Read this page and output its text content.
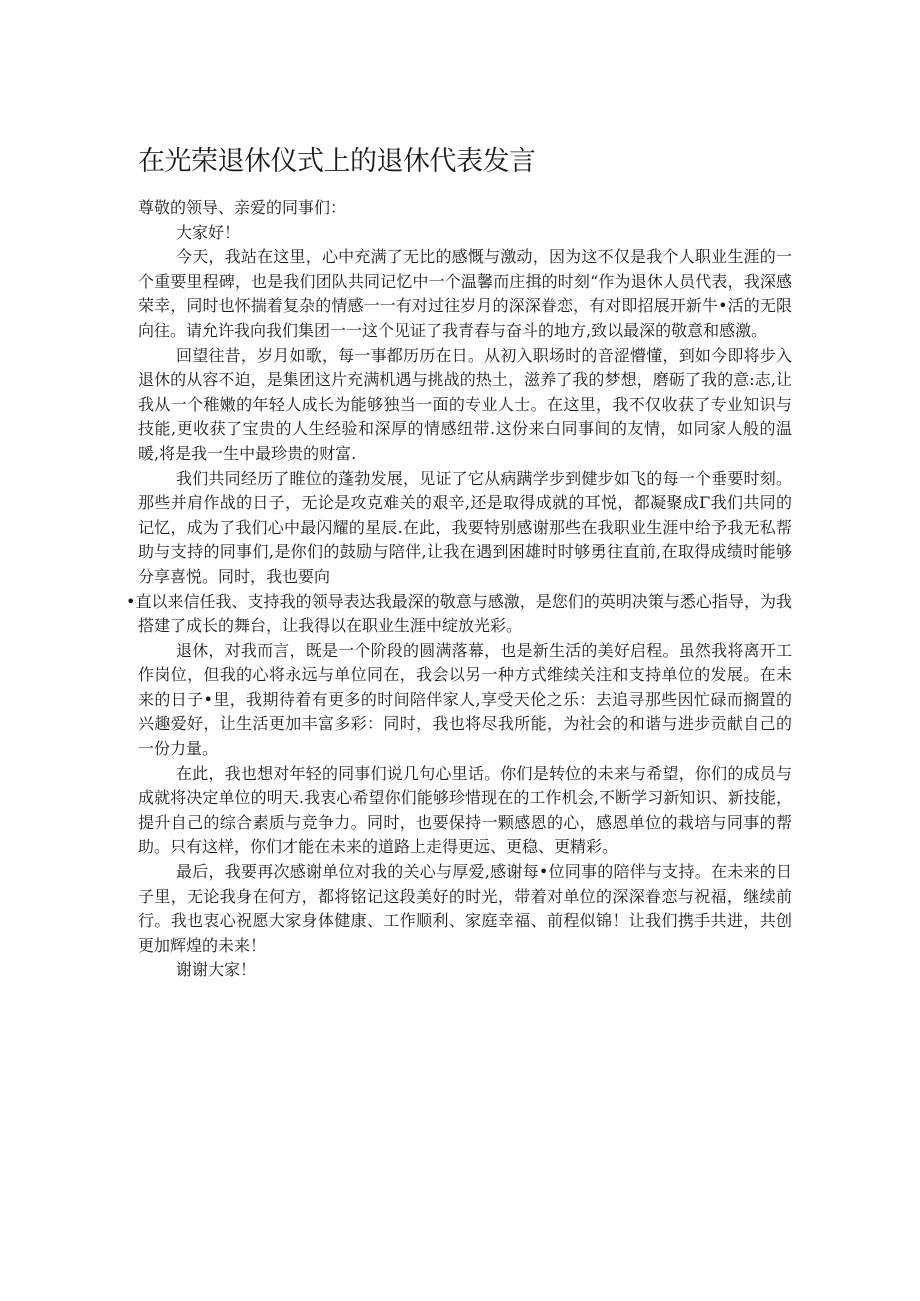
在光荣退休仪式上的退休代表发言

尊敬的领导、亲爱的同事们：

大家好！

今天，我站在这里，心中充满了无比的感慨与激动，因为这不仅是我个人职业生涯的一个重要里程碑，也是我们团队共同记忆中一个温馨而庄揖的时刻“作为退休人员代表，我深感荣幸，同时也怀揣着复杂的情感一一有对过往岁月的深深眷恋，有对即招展开新牛•活的无限向往。请允许我向我们集团一一这个见证了我青春与奋斗的地方,致以最深的敬意和感激。

回望往昔，岁月如歌，每一事都历历在日。从初入职场时的音涩懵懂，到如今即将步入退休的从容不迫，是集团这片充满机遇与挑战的热土，滋养了我的梦想，磨砺了我的意:志,让我从一个稚嫩的年轻人成长为能够独当一面的专业人士。在这里，我不仅收获了专业知识与技能,更收获了宝贵的人生经验和深厚的情感纽带.这份来白同事间的友情，如同家人般的温暖,将是我一生中最珍贵的财富.

我们共同经历了睢位的蓬勃发展，见证了它从病蹒学步到健步如飞的每一个垂要时刻。那些并肩作战的日子，无论是攻克难关的艰辛,还是取得成就的耳悦，都凝聚成Γ我们共同的记忆，成为了我们心中最闪耀的星辰.在此，我要特别感谢那些在我职业生涯中给予我无私帮助与支持的同事们,是你们的鼓励与陪伴,让我在遇到困雄时时够勇往直前,在取得成绩时能够分享喜悦。同时，我也要向

•直以来信任我、支持我的领导表达我最深的敬意与感激，是您们的英明决策与悉心指导，为我搭建了成长的舞台，让我得以在职业生涯中绽放光彩。

退休，对我而言，既是一个阶段的圆满落幕，也是新生活的美好启程。虽然我将离开工作岗位，但我的心将永远与单位同在，我会以另一种方式维续关注和支持单位的发展。在未来的日子•里，我期待着有更多的时间陪伴家人,享受天伦之乐：去追寻那些因忙碌而搁置的兴趣爱好，让生活更加丰富多彩：同时，我也将尽我所能，为社会的和谐与进步贡献自己的一份力量。

在此，我也想对年轻的同事们说几句心里话。你们是转位的未来与希望，你们的成员与成就将决定单位的明天.我衷心希望你们能够珍惜现在的工作机会,不断学习新知识、新技能，提升自己的综合素质与竞争力。同时，也要保持一颗感恩的心，感恩单位的栽培与同事的帮助。只有这样，你们才能在未来的道路上走得更远、更稳、更精彩。

最后，我要再次感谢单位对我的关心与厚爱,感谢每•位同事的陪伴与支持。在未来的日子里，无论我身在何方，都将铭记这段美好的时光，带着对单位的深深眷恋与祝福，继续前行。我也衷心祝愿大家身体健康、工作顺利、家庭幸福、前程似锦！让我们携手共进，共创更加辉煌的未来！

谢谢大家！
